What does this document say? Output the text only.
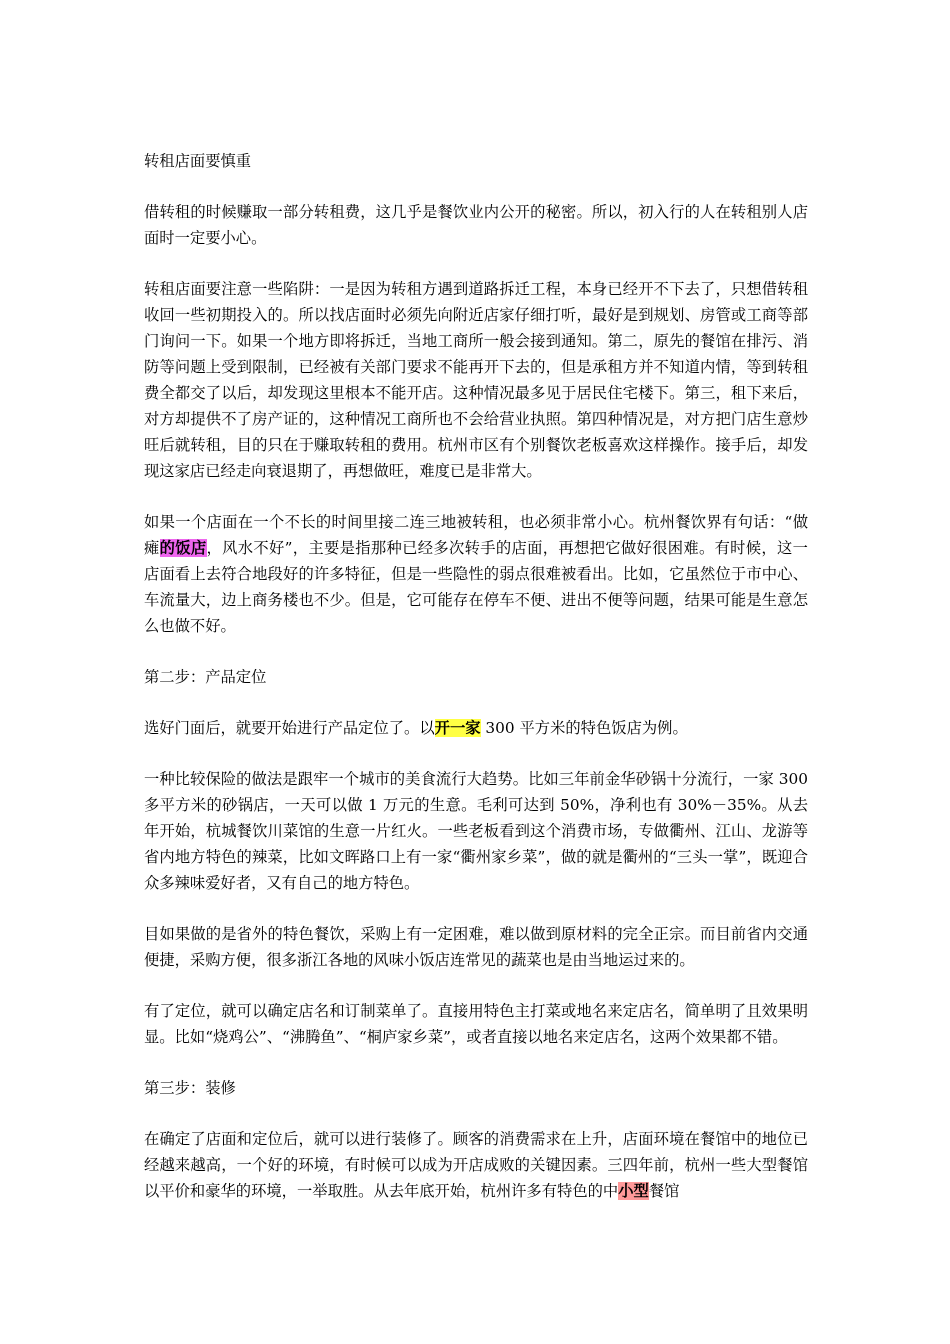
转租店面要慎重

借转租的时候赚取一部分转租费，这几乎是餐饮业内公开的秘密。所以，初入行的人在转租别人店面时一定要小心。

转租店面要注意一些陷阱：一是因为转租方遇到道路拆迁工程，本身已经开不下去了，只想借转租收回一些初期投入的。所以找店面时必须先向附近店家仔细打听，最好是到规划、房管或工商等部门询问一下。如果一个地方即将拆迁，当地工商所一般会接到通知。第二，原先的餐馆在排污、消防等问题上受到限制，已经被有关部门要求不能再开下去的，但是承租方并不知道内情，等到转租费全都交了以后，却发现这里根本不能开店。这种情况最多见于居民住宅楼下。第三，租下来后，对方却提供不了房产证的，这种情况工商所也不会给营业执照。第四种情况是，对方把门店生意炒旺后就转租，目的只在于赚取转租的费用。杭州市区有个别餐饮老板喜欢这样操作。接手后，却发现这家店已经走向衰退期了，再想做旺，难度已是非常大。

如果一个店面在一个不长的时间里接二连三地被转租，也必须非常小心。杭州餐饮界有句话：“做瘫的饭店，风水不好”，主要是指那种已经多次转手的店面，再想把它做好很困难。有时候，这一店面看上去符合地段好的许多特征，但是一些隐性的弱点很难被看出。比如，它虽然位于市中心、车流量大，边上商务楼也不少。但是，它可能存在停车不便、进出不便等问题，结果可能是生意怎么也做不好。

第二步：产品定位

选好门面后，就要开始进行产品定位了。以开一家 300 平方米的特色饭店为例。

一种比较保险的做法是跟牢一个城市的美食流行大趋势。比如三年前金华砂锅十分流行，一家 300 多平方米的砂锅店，一天可以做 1 万元的生意。毛利可达到 50%，净利也有 30%－35%。从去年开始，杭城餐饮川菜馆的生意一片红火。一些老板看到这个消费市场，专做衢州、江山、龙游等省内地方特色的辣菜，比如文晖路口上有一家“衢州家乡菜”，做的就是衢州的“三头一掌”，既迎合众多辣味爱好者，又有自己的地方特色。

目如果做的是省外的特色餐饮，采购上有一定困难，难以做到原材料的完全正宗。而目前省内交通便捷，采购方便，很多浙江各地的风味小饭店连常见的蔬菜也是由当地运过来的。

有了定位，就可以确定店名和订制菜单了。直接用特色主打菜或地名来定店名，简单明了且效果明显。比如“烧鸡公”、“沸腾鱼”、“桐庐家乡菜”，或者直接以地名来定店名，这两个效果都不错。

第三步：装修

在确定了店面和定位后，就可以进行装修了。顾客的消费需求在上升，店面环境在餐馆中的地位已经越来越高，一个好的环境，有时候可以成为开店成败的关键因素。三四年前，杭州一些大型餐馆以平价和豪华的环境，一举取胜。从去年底开始，杭州许多有特色的中小型餐馆
